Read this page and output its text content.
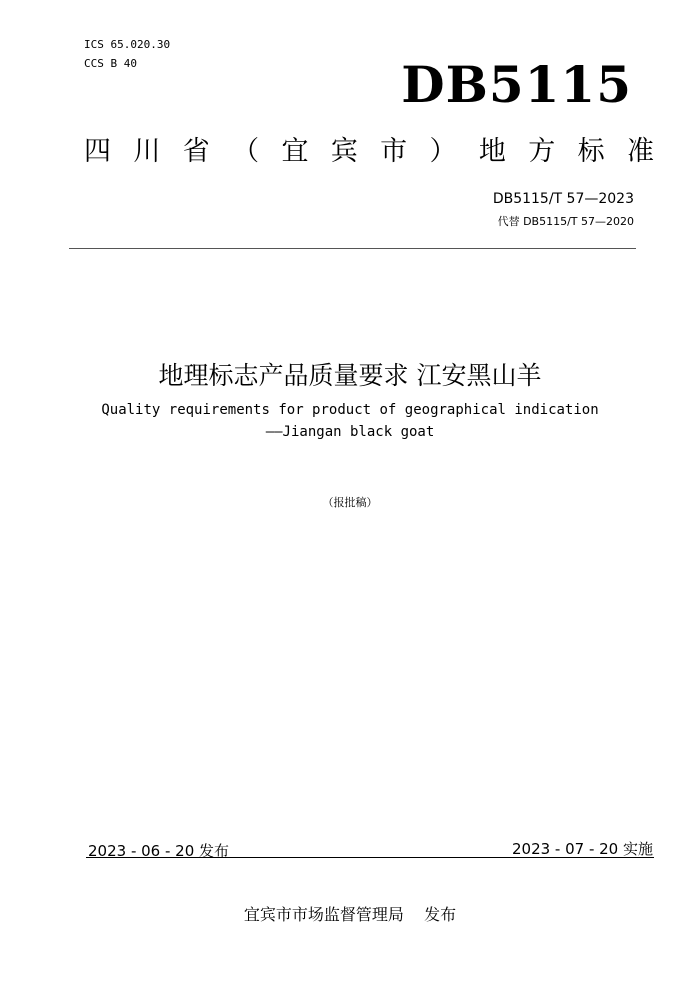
ICS 65.020.30
CCS B 40	DB5115
四 川 省 （ 宜 宾 市 ） 地 方 标 准
DB5115/T 57—2023
代替 DB5115/T 57—2020
地理标志产品质量要求 江安黑山羊
Quality requirements for product of geographical indication
——Jiangan black goat
（报批稿）
2023 - 06 - 20 发布	2023 - 07 - 20 实施
宜宾市市场监督管理局    发布
